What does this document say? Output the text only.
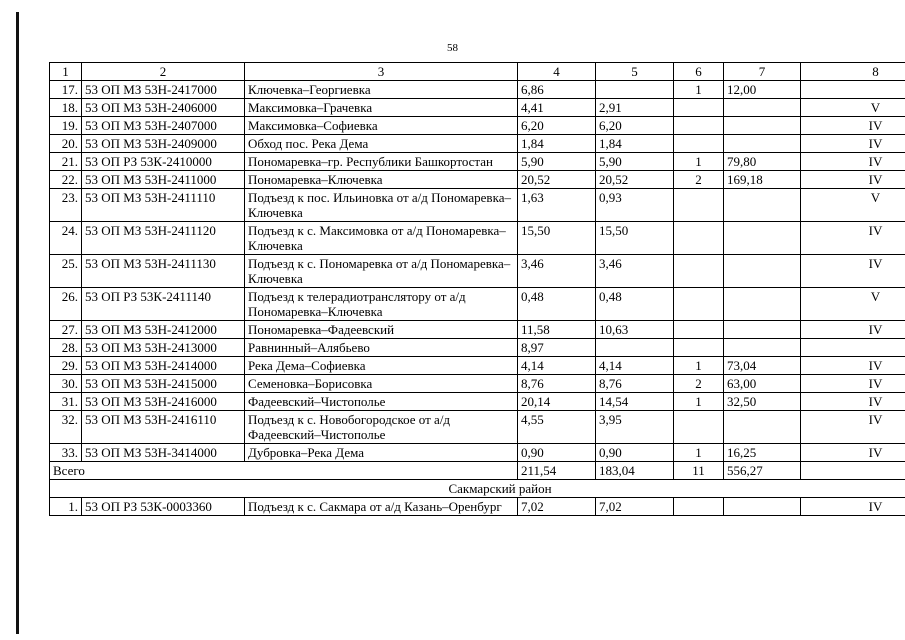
58
1	2	3	4	5	6	7	8
17.	53 ОП МЗ 53Н-2417000	Ключевка–Георгиевка	6,86		1	12,00	
18.	53 ОП МЗ 53Н-2406000	Максимовка–Грачевка	4,41	2,91			V
19.	53 ОП МЗ 53Н-2407000	Максимовка–Софиевка	6,20	6,20			IV
20.	53 ОП МЗ 53Н-2409000	Обход пос. Река Дема	1,84	1,84			IV
21.	53 ОП РЗ 53К-2410000	Пономаревка–гр. Республики Башкортостан	5,90	5,90	1	79,80	IV
22.	53 ОП МЗ 53Н-2411000	Пономаревка–Ключевка	20,52	20,52	2	169,18	IV
23.	53 ОП МЗ 53Н-2411110	Подъезд к пос. Ильиновка от а/д Пономаревка–Ключевка	1,63	0,93			V
24.	53 ОП МЗ 53Н-2411120	Подъезд к с. Максимовка от а/д Пономаревка–Ключевка	15,50	15,50			IV
25.	53 ОП МЗ 53Н-2411130	Подъезд к с. Пономаревка от а/д Пономаревка–Ключевка	3,46	3,46			IV
26.	53 ОП РЗ 53К-2411140	Подъезд к телерадиотранслятору от а/д Пономаревка–Ключевка	0,48	0,48			V
27.	53 ОП МЗ 53Н-2412000	Пономаревка–Фадеевский	11,58	10,63			IV
28.	53 ОП МЗ 53Н-2413000	Равнинный–Алябьево	8,97				
29.	53 ОП МЗ 53Н-2414000	Река Дема–Софиевка	4,14	4,14	1	73,04	IV
30.	53 ОП МЗ 53Н-2415000	Семеновка–Борисовка	8,76	8,76	2	63,00	IV
31.	53 ОП МЗ 53Н-2416000	Фадеевский–Чистополье	20,14	14,54	1	32,50	IV
32.	53 ОП МЗ 53Н-2416110	Подъезд к с. Новобогородское от а/д Фадеевский–Чистополье	4,55	3,95			IV
33.	53 ОП МЗ 53Н-3414000	Дубровка–Река Дема	0,90	0,90	1	16,25	IV
Всего			211,54	183,04	11	556,27	
Сакмарский район							
1.	53 ОП РЗ 53К-0003360	Подъезд к с. Сакмара от а/д Казань–Оренбург	7,02	7,02			IV
